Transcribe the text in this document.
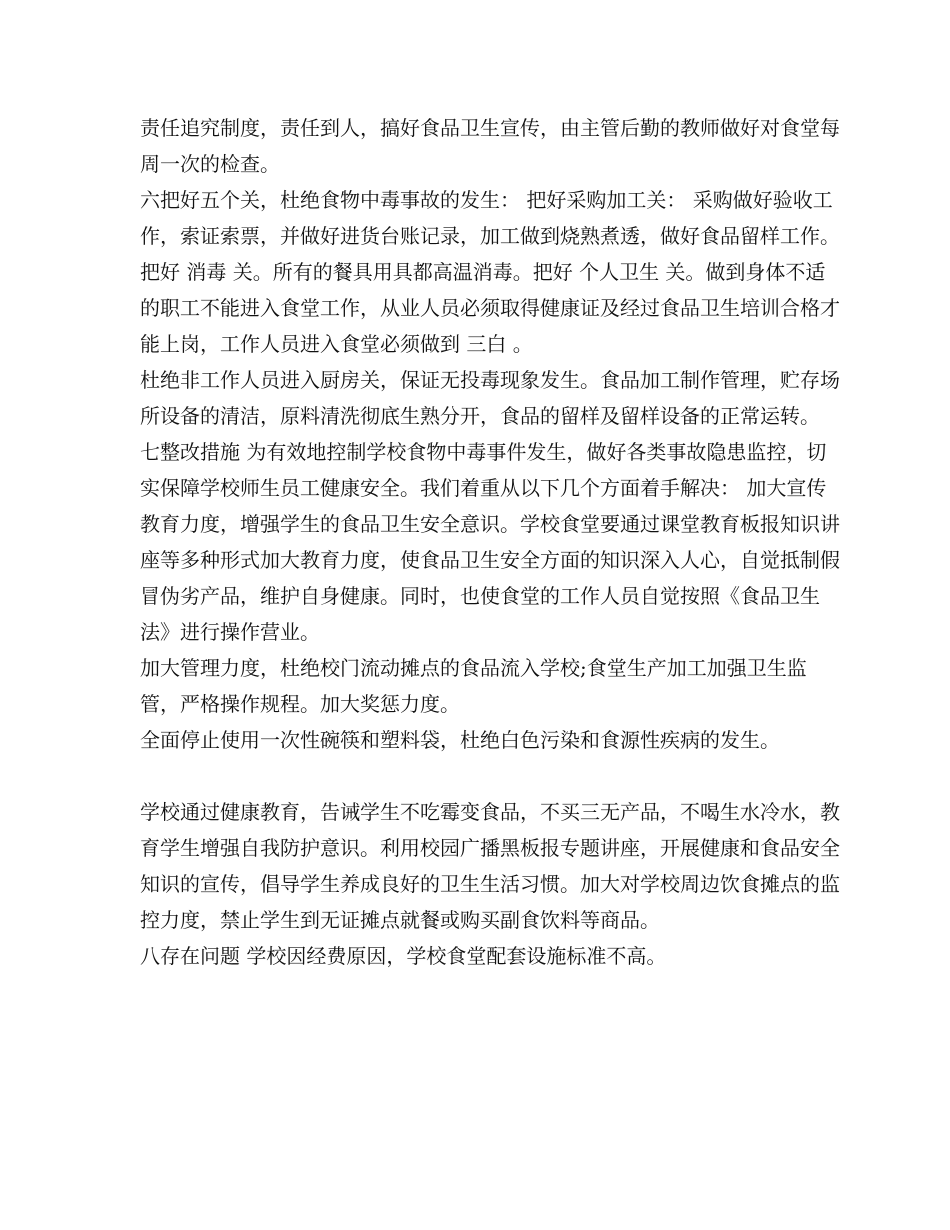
责任追究制度，责任到人，搞好食品卫生宣传，由主管后勤的教师做好对食堂每周一次的检查。

六把好五个关，杜绝食物中毒事故的发生： 把好采购加工关： 采购做好验收工作，索证索票，并做好进货台账记录，加工做到烧熟煮透，做好食品留样工作。把好 消毒 关。所有的餐具用具都高温消毒。把好 个人卫生 关。做到身体不适的职工不能进入食堂工作，从业人员必须取得健康证及经过食品卫生培训合格才能上岗，工作人员进入食堂必须做到 三白 。

杜绝非工作人员进入厨房关，保证无投毒现象发生。食品加工制作管理，贮存场所设备的清洁，原料清洗彻底生熟分开，食品的留样及留样设备的正常运转。

七整改措施 为有效地控制学校食物中毒事件发生，做好各类事故隐患监控，切实保障学校师生员工健康安全。我们着重从以下几个方面着手解决： 加大宣传教育力度，增强学生的食品卫生安全意识。学校食堂要通过课堂教育板报知识讲座等多种形式加大教育力度，使食品卫生安全方面的知识深入人心，自觉抵制假冒伪劣产品，维护自身健康。同时，也使食堂的工作人员自觉按照《食品卫生法》进行操作营业。

加大管理力度，杜绝校门流动摊点的食品流入学校;食堂生产加工加强卫生监管，严格操作规程。加大奖惩力度。

全面停止使用一次性碗筷和塑料袋，杜绝白色污染和食源性疾病的发生。

学校通过健康教育，告诫学生不吃霉变食品，不买三无产品，不喝生水冷水，教育学生增强自我防护意识。利用校园广播黑板报专题讲座，开展健康和食品安全知识的宣传，倡导学生养成良好的卫生生活习惯。加大对学校周边饮食摊点的监控力度，禁止学生到无证摊点就餐或购买副食饮料等商品。

八存在问题 学校因经费原因，学校食堂配套设施标准不高。
